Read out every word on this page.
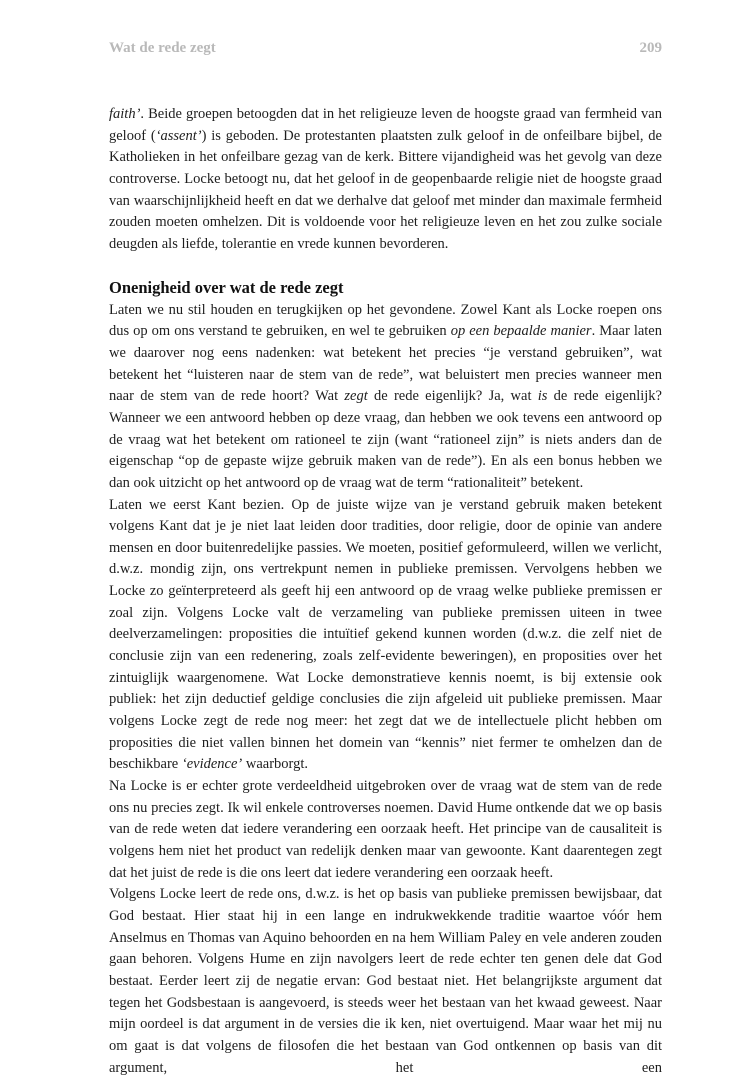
Wat de rede zegt	209

faith’. Beide groepen betoogden dat in het religieuze leven de hoogste graad van fermheid van geloof (‘assent’) is geboden. De protestanten plaatsten zulk geloof in de onfeilbare bijbel, de Katholieken in het onfeilbare gezag van de kerk. Bittere vijandigheid was het gevolg van deze controverse. Locke betoogt nu, dat het geloof in de geopenbaarde religie niet de hoogste graad van waarschijnlijkheid heeft en dat we derhalve dat geloof met minder dan maximale fermheid zouden moeten omhelzen. Dit is voldoende voor het religieuze leven en het zou zulke sociale deugden als liefde, tolerantie en vrede kunnen bevorderen.

Onenigheid over wat de rede zegt

Laten we nu stil houden en terugkijken op het gevondene. Zowel Kant als Locke roepen ons dus op om ons verstand te gebruiken, en wel te gebruiken op een bepaalde manier. Maar laten we daarover nog eens nadenken: wat betekent het precies “je verstand gebruiken”, wat betekent het “luisteren naar de stem van de rede”, wat beluistert men precies wanneer men naar de stem van de rede hoort? Wat zegt de rede eigenlijk? Ja, wat is de rede eigenlijk? Wanneer we een antwoord hebben op deze vraag, dan hebben we ook tevens een antwoord op de vraag wat het betekent om rationeel te zijn (want “rationeel zijn” is niets anders dan de eigenschap “op de gepaste wijze gebruik maken van de rede”). En als een bonus hebben we dan ook uitzicht op het antwoord op de vraag wat de term “rationaliteit” betekent.

Laten we eerst Kant bezien. Op de juiste wijze van je verstand gebruik maken betekent volgens Kant dat je je niet laat leiden door tradities, door religie, door de opinie van andere mensen en door buitenredelijke passies. We moeten, positief geformuleerd, willen we verlicht, d.w.z. mondig zijn, ons vertrekpunt nemen in publieke premissen. Vervolgens hebben we Locke zo geïnterpreteerd als geeft hij een antwoord op de vraag welke publieke premissen er zoal zijn. Volgens Locke valt de verzameling van publieke premissen uiteen in twee deelverzamelingen: proposities die intuïtief gekend kunnen worden (d.w.z. die zelf niet de conclusie zijn van een redenering, zoals zelf-evidente beweringen), en proposities over het zintuiglijk waargenomene. Wat Locke demonstratieve kennis noemt, is bij extensie ook publiek: het zijn deductief geldige conclusies die zijn afgeleid uit publieke premissen. Maar volgens Locke zegt de rede nog meer: het zegt dat we de intellectuele plicht hebben om proposities die niet vallen binnen het domein van “kennis” niet fermer te omhelzen dan de beschikbare ‘evidence’ waarborgt.

Na Locke is er echter grote verdeeldheid uitgebroken over de vraag wat de stem van de rede ons nu precies zegt. Ik wil enkele controverses noemen. David Hume ontkende dat we op basis van de rede weten dat iedere verandering een oorzaak heeft. Het principe van de causaliteit is volgens hem niet het product van redelijk denken maar van gewoonte. Kant daarentegen zegt dat het juist de rede is die ons leert dat iedere verandering een oorzaak heeft.

Volgens Locke leert de rede ons, d.w.z. is het op basis van publieke premissen bewijsbaar, dat God bestaat. Hier staat hij in een lange en indrukwekkende traditie waartoe vóór hem Anselmus en Thomas van Aquino behoorden en na hem William Paley en vele anderen zouden gaan behoren. Volgens Hume en zijn navolgers leert de rede echter ten genen dele dat God bestaat. Eerder leert zij de negatie ervan: God bestaat niet. Het belangrijkste argument dat tegen het Godsbestaan is aangevoerd, is steeds weer het bestaan van het kwaad geweest. Naar mijn oordeel is dat argument in de versies die ik ken, niet overtuigend. Maar waar het mij nu om gaat is dat volgens de filosofen die het bestaan van God ontkennen op basis van dit argument, het een
